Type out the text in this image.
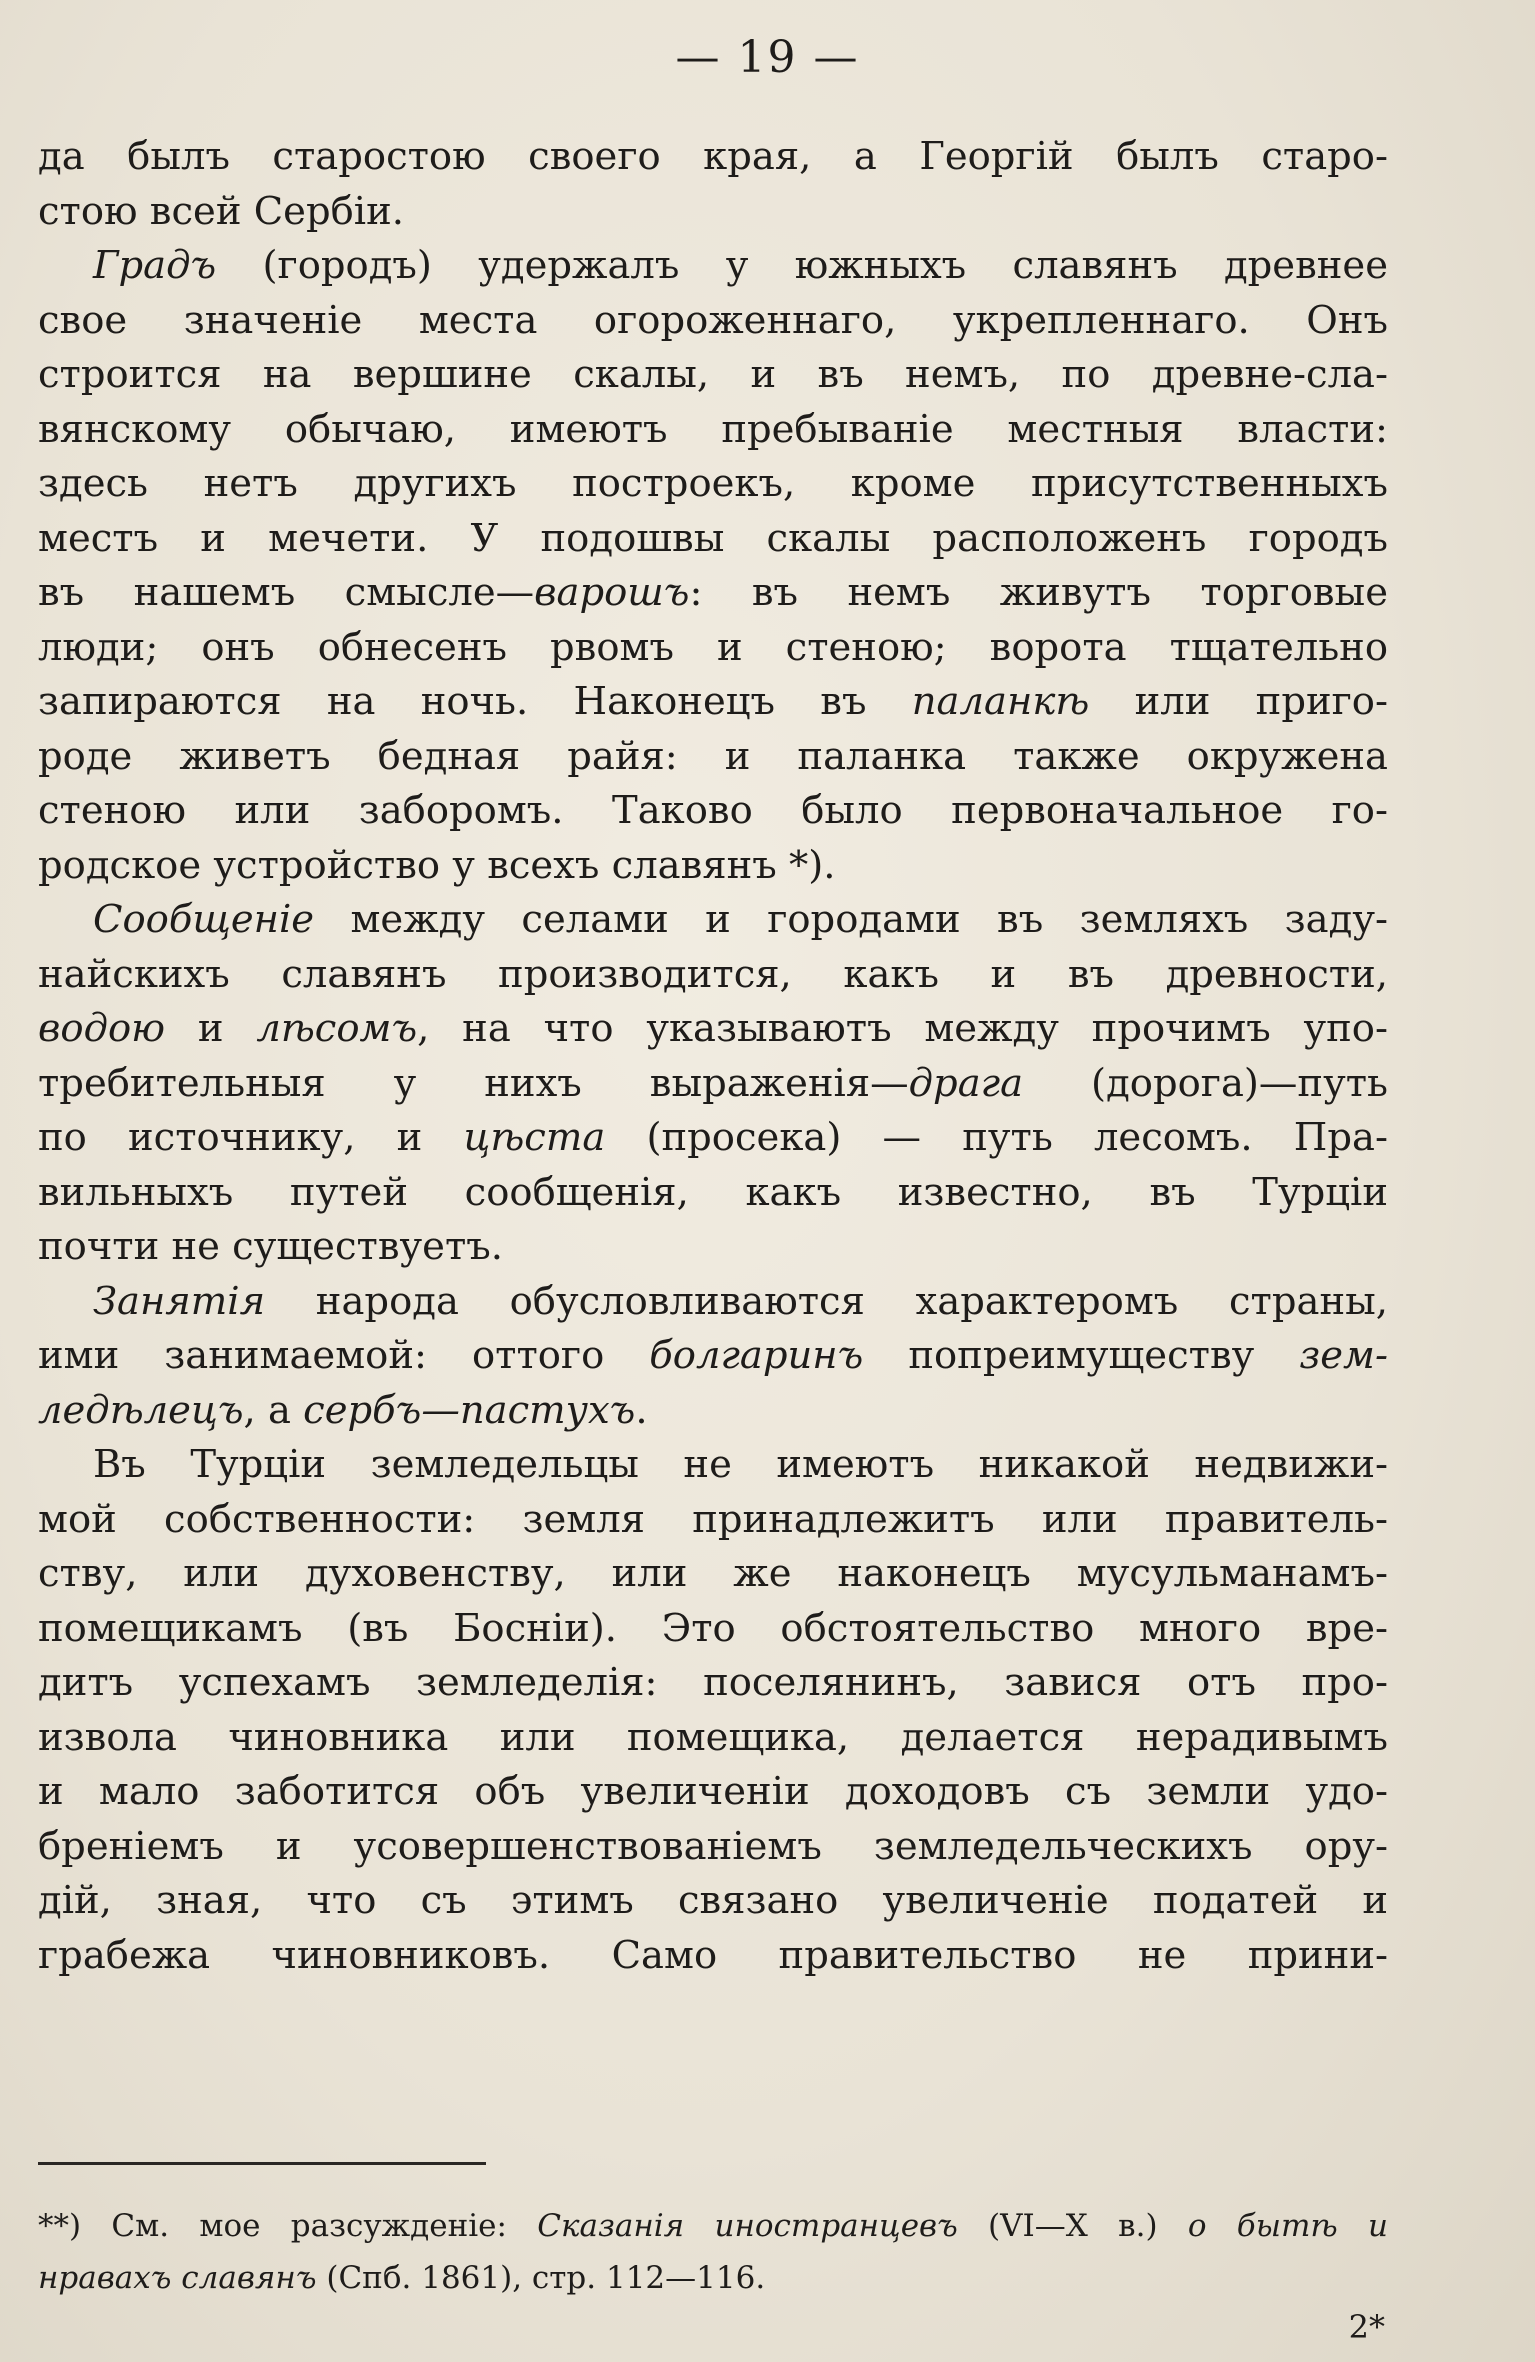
— 19 —
да былъ старостою своего края, а Георгій былъ старо-
стою всей Сербіи.
Градъ (городъ) удержалъ у южныхъ славянъ древнее
свое значеніе места огороженнаго, укрепленнаго. Онъ
строится на вершине скалы, и въ немъ, по древне-сла-
вянскому обычаю, имеютъ пребываніе местныя власти:
здесь нетъ другихъ построекъ, кроме присутственныхъ
местъ и мечети. У подошвы скалы расположенъ городъ
въ нашемъ смысле—варошъ: въ немъ живутъ торговые
люди; онъ обнесенъ рвомъ и стеною; ворота тщательно
запираются на ночь. Наконецъ въ паланкѣ или приго-
роде живетъ бедная райя: и паланка также окружена
стеною или заборомъ. Таково было первоначальное го-
родское устройство у всехъ славянъ *).
Сообщеніе между селами и городами въ земляхъ заду-
найскихъ славянъ производится, какъ и въ древности,
водою и лѣсомъ, на что указываютъ между прочимъ упо-
требительныя у нихъ выраженія—драга (дорога)—путь
по источнику, и цѣста (просека) — путь лесомъ. Пра-
вильныхъ путей сообщенія, какъ известно, въ Турціи
почти не существуетъ.
Занятія народа обусловливаются характеромъ страны,
ими занимаемой: оттого болгаринъ попреимуществу зем-
ледѣлецъ, а сербъ—пастухъ.
Въ Турціи земледельцы не имеютъ никакой недвижи-
мой собственности: земля принадлежитъ или правитель-
ству, или духовенству, или же наконецъ мусульманамъ-
помещикамъ (въ Босніи). Это обстоятельство много вре-
дитъ успехамъ земледелія: поселянинъ, завися отъ про-
извола чиновника или помещика, делается нерадивымъ
и мало заботится объ увеличеніи доходовъ съ земли удо-
бреніемъ и усовершенствованіемъ земледельческихъ ору-
дій, зная, что съ этимъ связано увеличеніе податей и
грабежа чиновниковъ. Само правительство не прини-
**) См. мое разсужденіе: Сказанія иностранцевъ (VI—X в.) о бытѣ и
нравахъ славянъ (Спб. 1861), стр. 112—116.
2*
